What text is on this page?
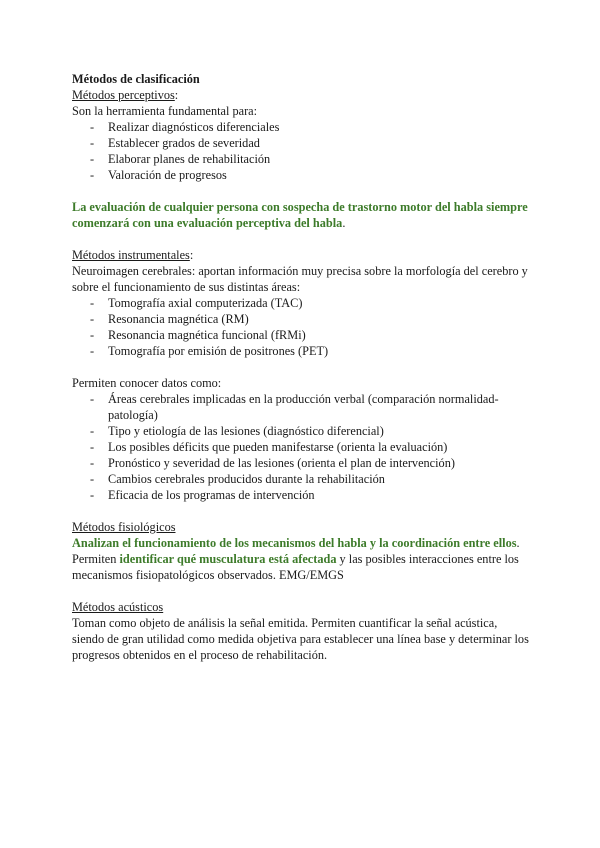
Métodos de clasificación
Métodos perceptivos:
Son la herramienta fundamental para:
- Realizar diagnósticos diferenciales
- Establecer grados de severidad
- Elaborar planes de rehabilitación
- Valoración de progresos
La evaluación de cualquier persona con sospecha de trastorno motor del habla siempre comenzará con una evaluación perceptiva del habla.
Métodos instrumentales:
Neuroimagen cerebrales: aportan información muy precisa sobre la morfología del cerebro y sobre el funcionamiento de sus distintas áreas:
- Tomografía axial computerizada (TAC)
- Resonancia magnética (RM)
- Resonancia magnética funcional (fRMi)
- Tomografía por emisión de positrones (PET)
Permiten conocer datos como:
- Áreas cerebrales implicadas en la producción verbal (comparación normalidad-patología)
- Tipo y etiología de las lesiones (diagnóstico diferencial)
- Los posibles déficits que pueden manifestarse (orienta la evaluación)
- Pronóstico y severidad de las lesiones (orienta el plan de intervención)
- Cambios cerebrales producidos durante la rehabilitación
- Eficacia de los programas de intervención
Métodos fisiológicos
Analizan el funcionamiento de los mecanismos del habla y la coordinación entre ellos.
Permiten identificar qué musculatura está afectada y las posibles interacciones entre los mecanismos fisiopatológicos observados. EMG/EMGS
Métodos acústicos
Toman como objeto de análisis la señal emitida. Permiten cuantificar la señal acústica, siendo de gran utilidad como medida objetiva para establecer una línea base y determinar los progresos obtenidos en el proceso de rehabilitación.
